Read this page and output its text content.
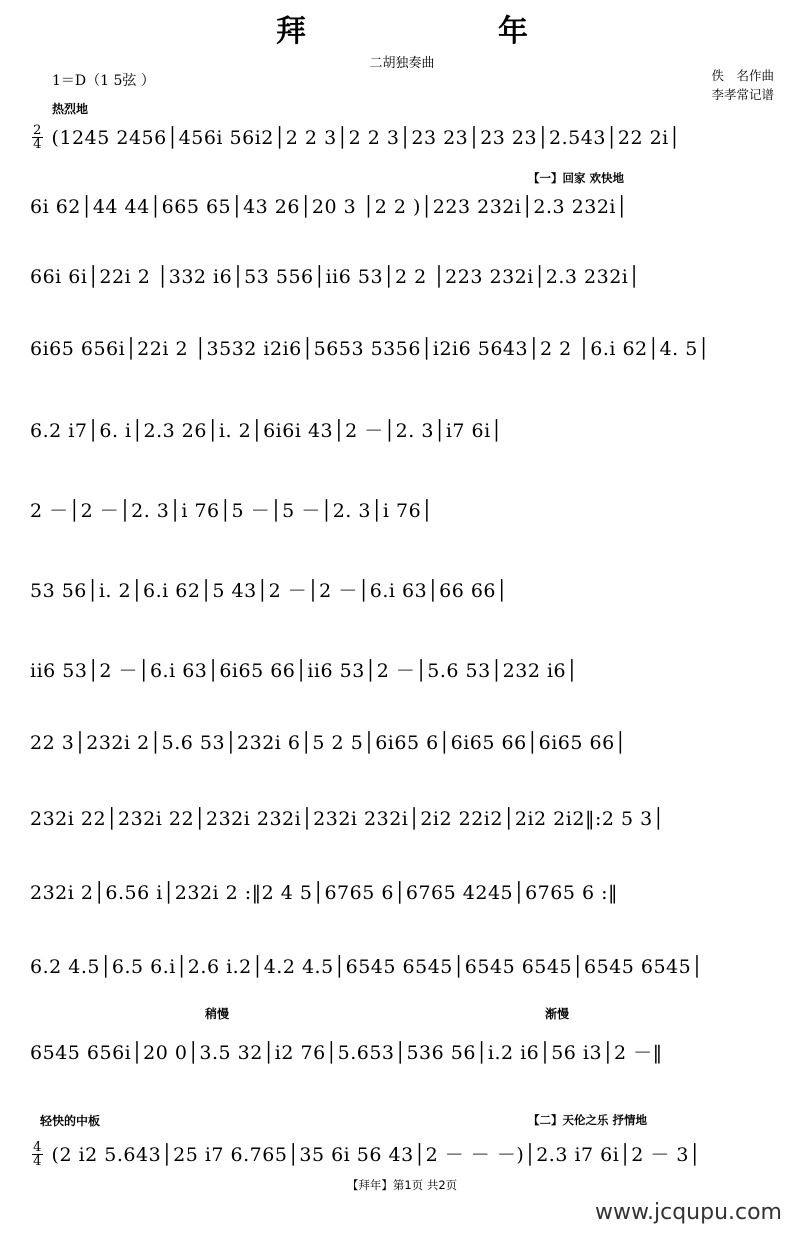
拜　　年
二胡独奏曲
1＝D（1 5弦 ）	佚　名作曲
李孝常记谱
热烈地
【一】回家 欢快地
稍慢	渐慢
轻快的中板	【二】天伦之乐 抒情地
$\frac{2}{4} (1245$ 2456│456i 56i2│2 2 3│2 2 3│23 23│23 23│2.543│22 2i│
6i 62│44 44│665 65│43 26│20 3 │2 2 )│223 232i│2.3 232i│
66i 6i│22i 2 │332 i6│53 556│ii6 53│2 2 │223 232i│2.3 232i│
6i65 656i│22i 2 │3532 i2i6│5653 5356│i2i6 5643│2 2 │6.i 62│4. 5│
6.2 i7│6. i│2.3 26│i. 2│6i6i 43│2 －│2. 3│i7 6i│
2 －│2 －│2. 3│i 76│5 －│5 －│2. 3│i 76│
53 56│i. 2│6.i 62│5 43│2 －│2 －│6.i 63│66 66│
ii6 53│2 －│6.i 63│6i65 66│ii6 53│2 －│5.6 53│232 i6│
22 3│232i 2│5.6 53│232i 6│5 2 5│6i65 6│6i65 66│6i65 66│
232i 22│232i 22│232i 232i│232i 232i│2i2 22i2│2i2 2i2‖:2 5 3│
232i 2│6.56 i│232i 2 :‖2 4 5│6765 6│6765 4245│6765 6 :‖
6.2 4.5│6.5 6.i│2.6 i.2│4.2 4.5│6545 6545│6545 6545│6545 6545│
6545 656i│20 0│3.5 32│i2 76│5.653│536 56│i.2 i6│56 i3│2 －‖
$\frac{4}{4} (2$ i2 5.643│25 i7 6.765│35 6i 56 43│2 － － －)│2.3 i7 6i│2 － 3│
【拜年】第1页 共2页
www.jcqupu.com
